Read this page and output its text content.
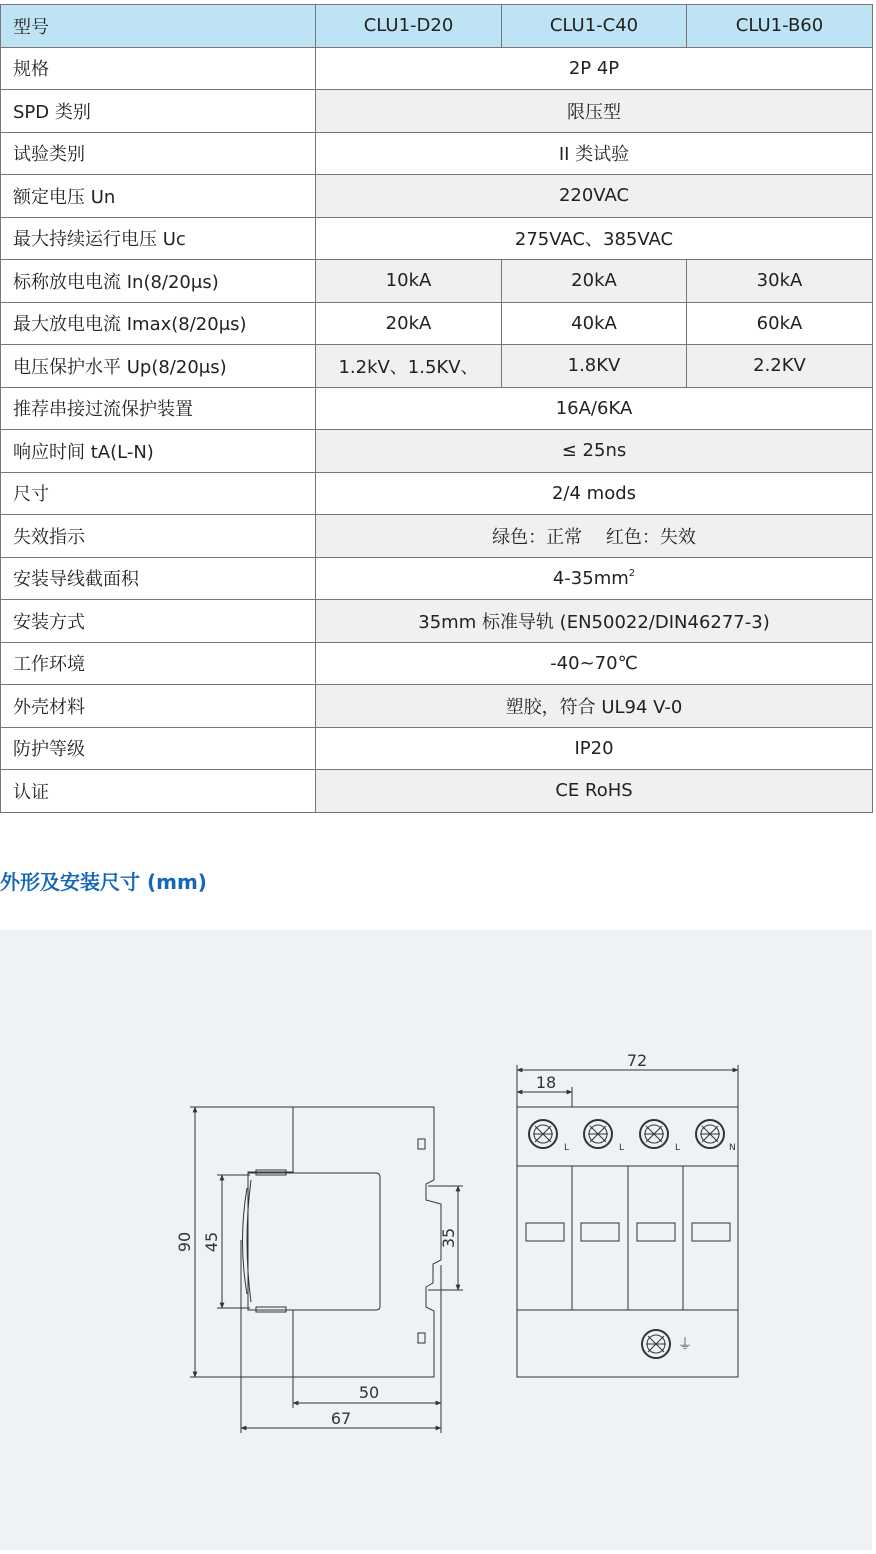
型号	CLU1-D20	CLU1-C40	CLU1-B60
规格	2P 4P		
SPD 类别	限压型		
试验类别	II 类试验		
额定电压 Un	220VAC		
最大持续运行电压 Uc	275VAC、385VAC		
标称放电电流 In(8/20μs)	10kA	20kA	30kA
最大放电电流 Imax(8/20μs)	20kA	40kA	60kA
电压保护水平 Up(8/20μs)	1.2kV、1.5KV、	1.8KV	2.2KV
推荐串接过流保护装置	16A/6KA		
响应时间 tA(L-N)	≤ 25ns		
尺寸	2/4 mods		
失效指示	绿色：正常　 红色：失效		
安装导线截面积	$4-35mm^2$
安装方式	35mm 标准导轨 (EN50022/DIN46277-3)		
工作环境	-40~70℃		
外壳材料	塑胶，符合 UL94 V-0		
防护等级	IP20		
认证	CE RoHS		
外形及安装尺寸 (mm)
90 45	35
50
67
72
18
L	L	L	N
⏚
